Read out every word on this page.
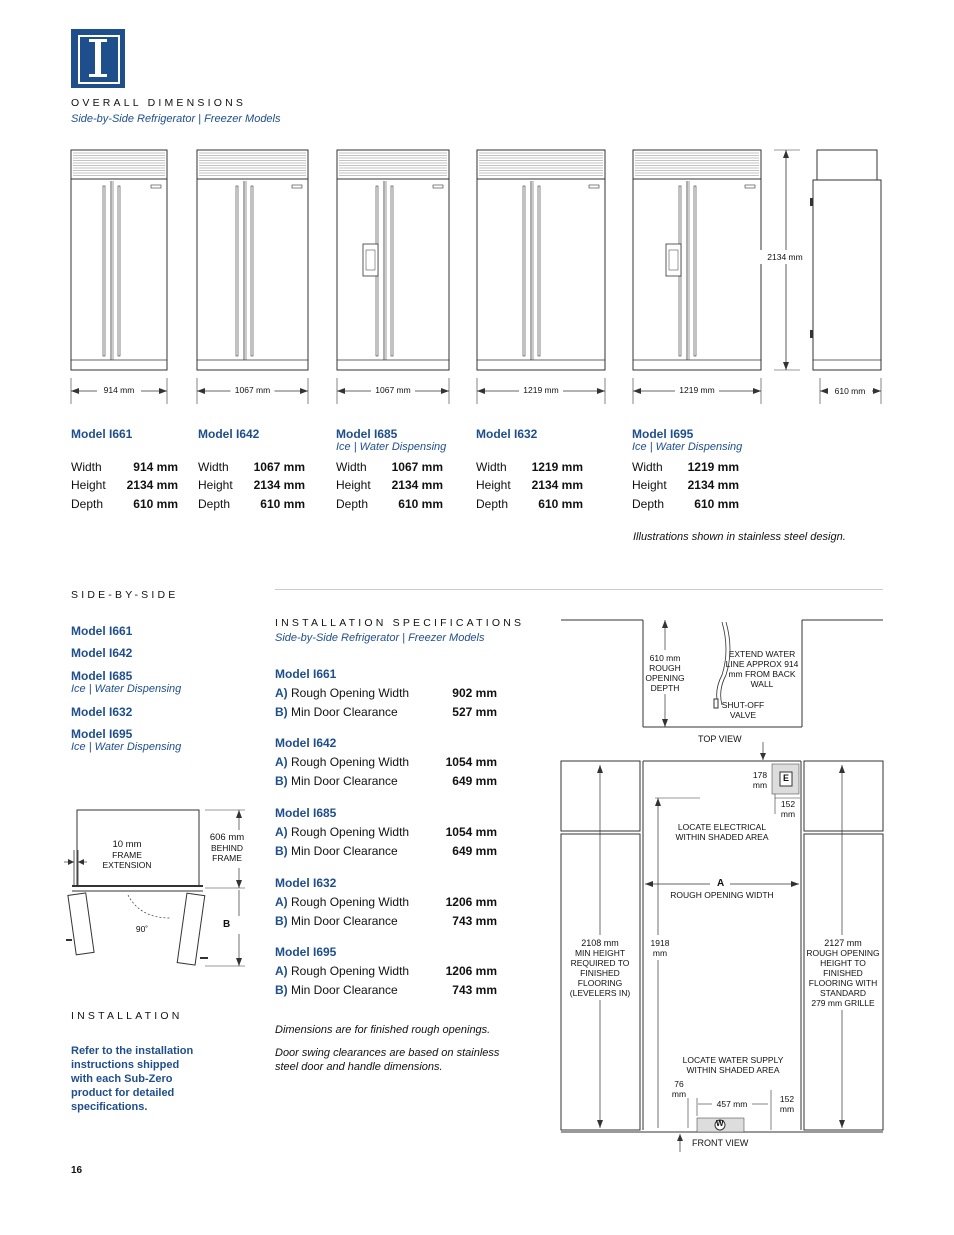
OVERALL DIMENSIONS
Side-by-Side Refrigerator | Freezer Models
2134 mm
610 mm
914 mm	1067 mm	1067 mm	1219 mm	1219 mm
Model I661
Width	914 mm
Height	2134 mm
Depth	610 mm
Model I642
Width	1067 mm
Height	2134 mm
Depth	610 mm
Model I685
Ice | Water Dispensing
Width	1067 mm
Height	2134 mm
Depth	610 mm
Model I632
Width	1219 mm
Height	2134 mm
Depth	610 mm
Model I695
Ice | Water Dispensing
Width	1219 mm
Height	2134 mm
Depth	610 mm
Illustrations shown in stainless steel design.
SIDE-BY-SIDE
Model I661
Model I642
Model I685
Ice | Water Dispensing
Model I632
Model I695
Ice | Water Dispensing
10 mm
FRAME EXTENSION
606 mm
BEHIND FRAME
90˚	B
INSTALLATION
Refer to the installation instructions shipped with each Sub-Zero product for detailed specifications.
INSTALLATION SPECIFICATIONS
Side-by-Side Refrigerator | Freezer Models
Model I661
A) Rough Opening Width	902 mm
B) Min Door Clearance	527 mm
Model I642
A) Rough Opening Width	1054 mm
B) Min Door Clearance	649 mm
Model I685
A) Rough Opening Width	1054 mm
B) Min Door Clearance	649 mm
Model I632
A) Rough Opening Width	1206 mm
B) Min Door Clearance	743 mm
Model I695
A) Rough Opening Width	1206 mm
B) Min Door Clearance	743 mm
Dimensions are for finished rough openings.
Door swing clearances are based on stainless steel door and handle dimensions.
610 mm
ROUGH OPENING DEPTH
EXTEND WATER LINE APPROX 914 mm FROM BACK WALL
SHUT-OFF VALVE
TOP VIEW
178 mm
E
152 mm
LOCATE ELECTRICAL WITHIN SHADED AREA
A
ROUGH OPENING WIDTH
2108 mm
MIN HEIGHT REQUIRED TO FINISHED FLOORING (LEVELERS IN)
1918 mm
2127 mm
ROUGH OPENING HEIGHT TO FINISHED FLOORING WITH STANDARD
279 mm GRILLE
LOCATE WATER SUPPLY WITHIN SHADED AREA
76 mm
457 mm	152 mm
W
FRONT VIEW
16
